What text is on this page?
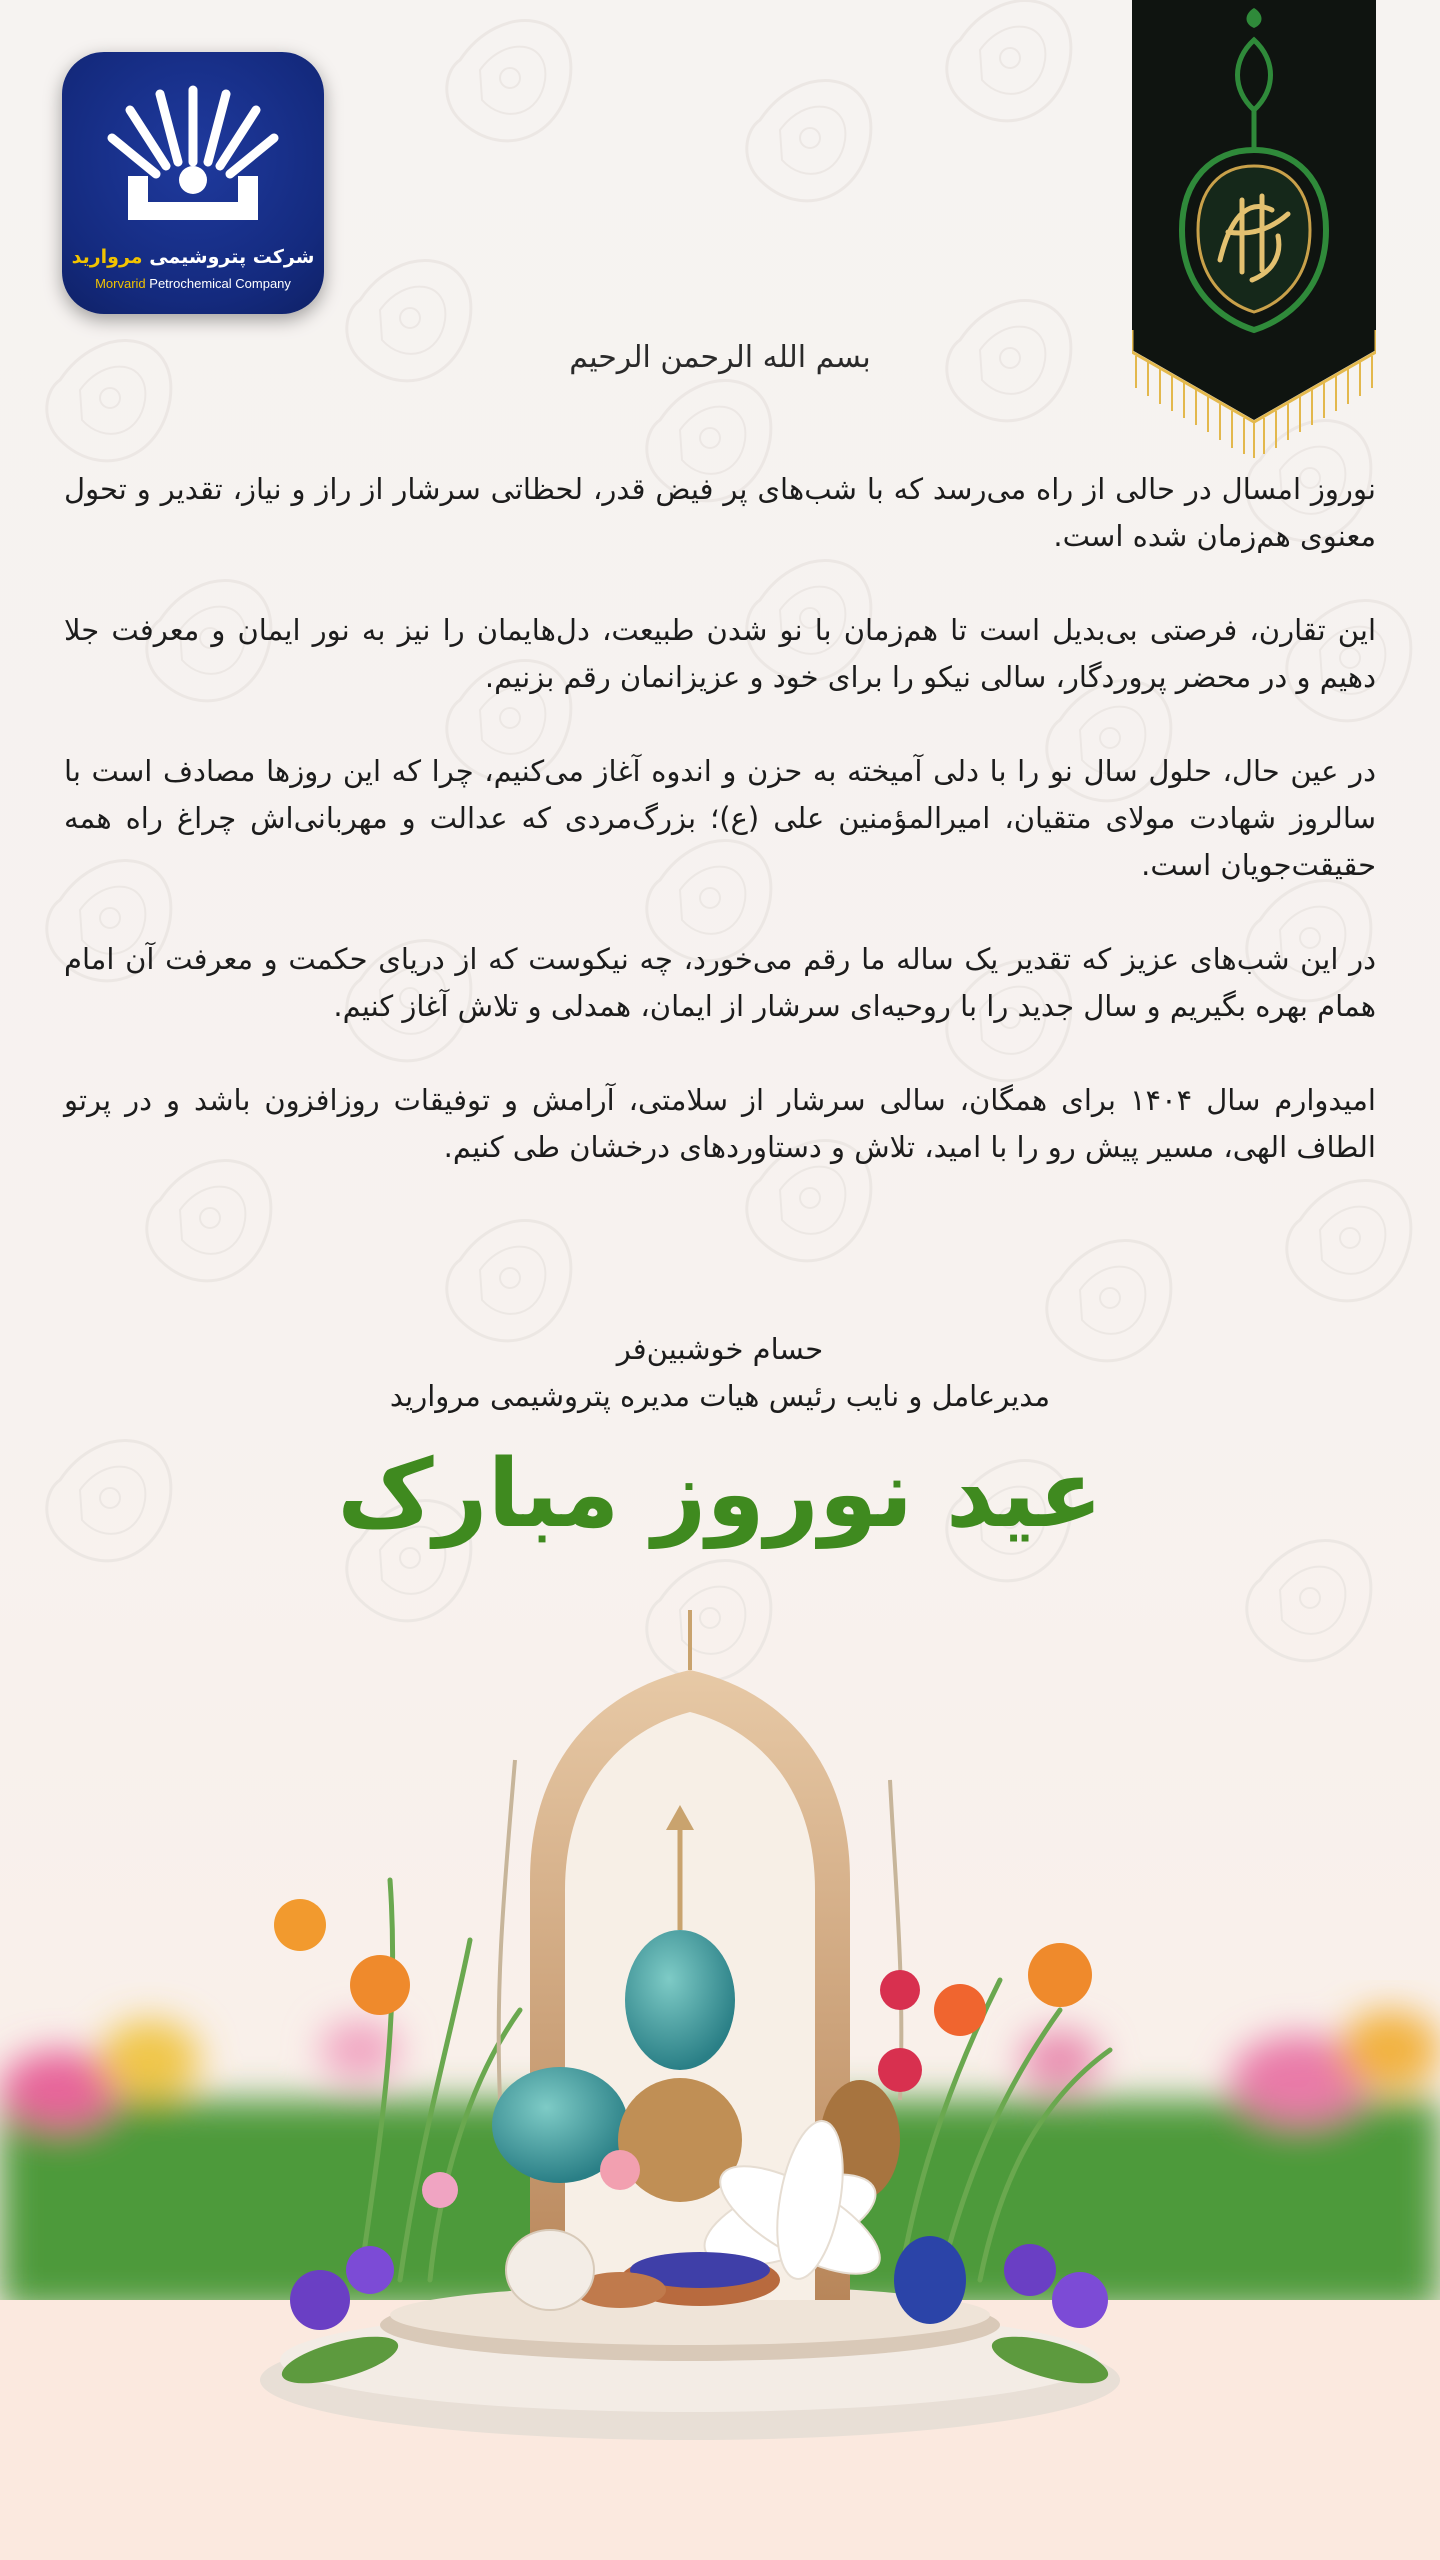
شرکت پتروشیمی مروارید
Morvarid Petrochemical Company
بسم الله الرحمن الرحیم

نوروز امسال در حالی از راه می‌رسد که با شب‌های پر فیض قدر، لحظاتی سرشار از راز و نیاز، تقدیر و تحول معنوی هم‌زمان شده است.

این تقارن، فرصتی بی‌بدیل است تا هم‌زمان با نو شدن طبیعت، دل‌هایمان را نیز به نور ایمان و معرفت جلا دهیم و در محضر پروردگار، سالی نیکو را برای خود و عزیزانمان رقم بزنیم.

در عین حال، حلول سال نو را با دلی آمیخته به حزن و اندوه آغاز می‌کنیم، چرا که این روزها مصادف است با سالروز شهادت مولای متقیان، امیرالمؤمنین علی (ع)؛ بزرگ‌مردی که عدالت و مهربانی‌اش چراغ راه همه حقیقت‌جویان است.

در این شب‌های عزیز که تقدیر یک ساله ما رقم می‌خورد، چه نیکوست که از دریای حکمت و معرفت آن امام همام بهره بگیریم و سال جدید را با روحیه‌ای سرشار از ایمان، همدلی و تلاش آغاز کنیم.

امیدوارم سال ۱۴۰۴ برای همگان، سالی سرشار از سلامتی، آرامش و توفیقات روزافزون باشد و در پرتو الطاف الهی، مسیر پیش رو را با امید، تلاش و دستاوردهای درخشان طی کنیم.

حسام خوشبین‌فر
مدیرعامل و نایب رئیس هیات مدیره پتروشیمی مروارید
عید نوروز مبارک
